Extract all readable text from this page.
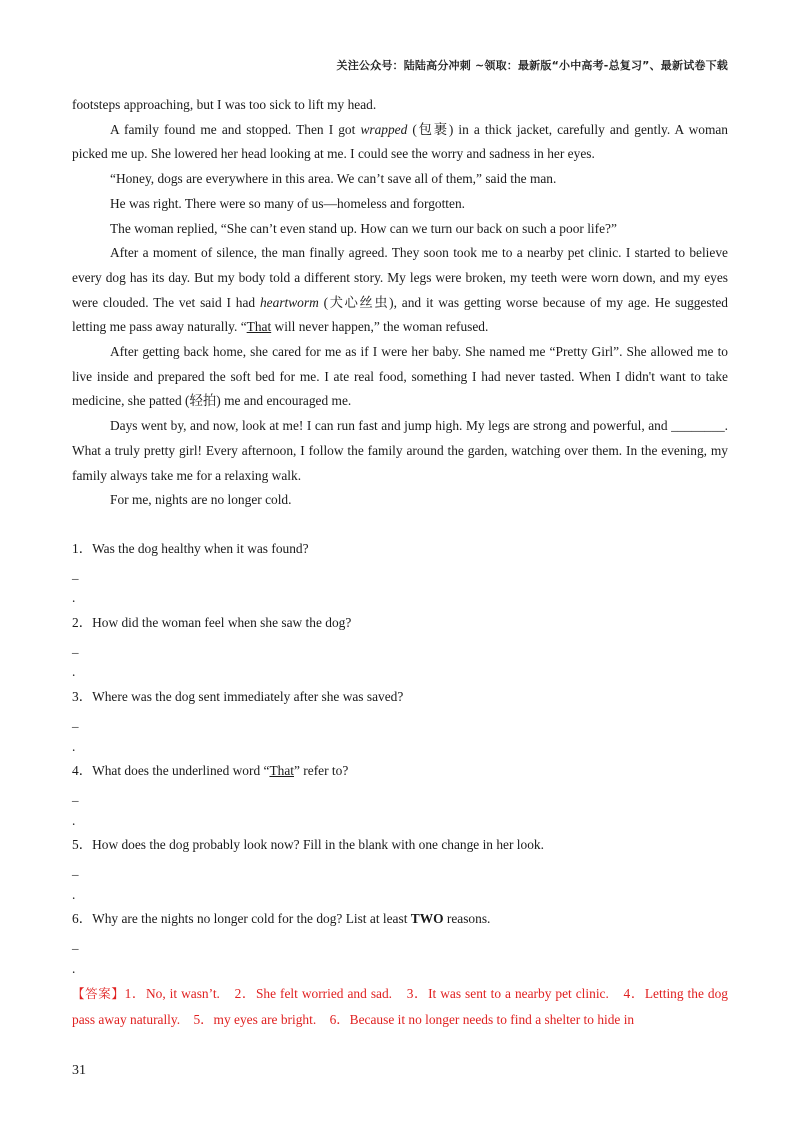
关注公众号：陆陆高分冲刺 ~领取：最新版“小中高考-总复习”、最新试卷下载

footsteps approaching, but I was too sick to lift my head.

A family found me and stopped. Then I got wrapped (包裹) in a thick jacket, carefully and gently. A woman picked me up. She lowered her head looking at me. I could see the worry and sadness in her eyes.

“Honey, dogs are everywhere in this area. We can’t save all of them,” said the man.

He was right. There were so many of us—homeless and forgotten.

The woman replied, “She can’t even stand up. How can we turn our back on such a poor life?”

After a moment of silence, the man finally agreed. They soon took me to a nearby pet clinic. I started to believe every dog has its day. But my body told a different story. My legs were broken, my teeth were worn down, and my eyes were clouded. The vet said I had heartworm (犬心丝虫), and it was getting worse because of my age. He suggested letting me pass away naturally. “That will never happen,” the woman refused.

After getting back home, she cared for me as if I were her baby. She named me “Pretty Girl”. She allowed me to live inside and prepared the soft bed for me. I ate real food, something I had never tasted. When I didn't want to take medicine, she patted (轻拍) me and encouraged me.

Days went by, and now, look at me! I can run fast and jump high. My legs are strong and powerful, and ________. What a truly pretty girl! Every afternoon, I follow the family around the garden, watching over them. In the evening, my family always take me for a relaxing walk.

For me, nights are no longer cold.

1．Was the dog healthy when it was found?

_

.

2．How did the woman feel when she saw the dog?

_

.

3．Where was the dog sent immediately after she was saved?

_

.

4．What does the underlined word “That” refer to?

_

.

5．How does the dog probably look now? Fill in the blank with one change in her look.

_

.

6．Why are the nights no longer cold for the dog? List at least TWO reasons.

_

.

【答案】1．No, it wasn’t.　2．She felt worried and sad.　3．It was sent to a nearby pet clinic.　4．Letting the dog pass away naturally.　5．my eyes are bright.　6．Because it no longer needs to find a shelter to hide in

31
